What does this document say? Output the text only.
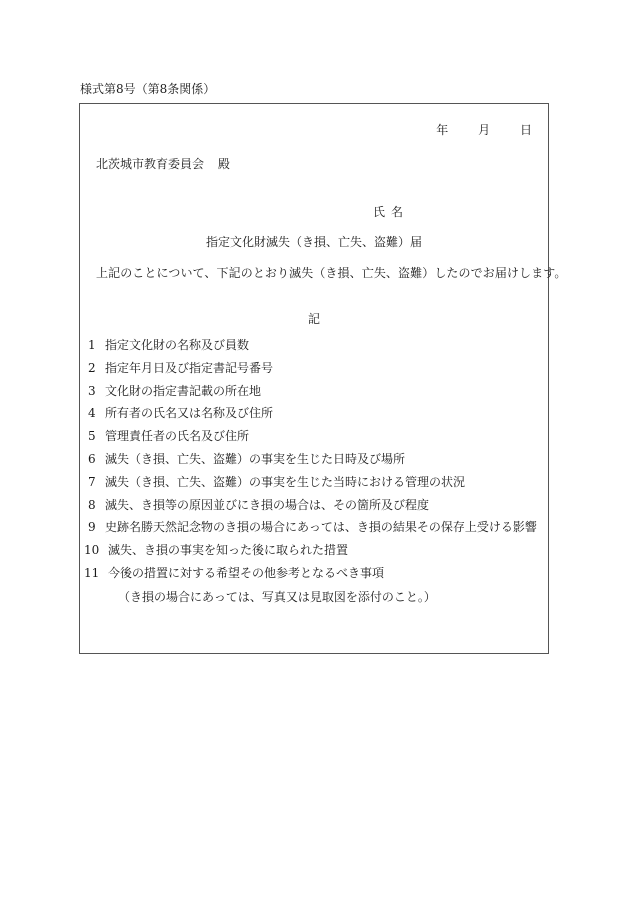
様式第8号（第8条関係）
年 月 日
北茨城市教育委員会 殿
氏名
指定文化財滅失（き損、亡失、盗難）届
上記のことについて、下記のとおり滅失（き損、亡失、盗難）したのでお届けします。
記
1 指定文化財の名称及び員数
2 指定年月日及び指定書記号番号
3 文化財の指定書記載の所在地
4 所有者の氏名又は名称及び住所
5 管理責任者の氏名及び住所
6 滅失（き損、亡失、盗難）の事実を生じた日時及び場所
7 滅失（き損、亡失、盗難）の事実を生じた当時における管理の状況
8 滅失、き損等の原因並びにき損の場合は、その箇所及び程度
9 史跡名勝天然記念物のき損の場合にあっては、き損の結果その保存上受ける影響
10 滅失、き損の事実を知った後に取られた措置
11 今後の措置に対する希望その他参考となるべき事項
（き損の場合にあっては、写真又は見取図を添付のこと。）
